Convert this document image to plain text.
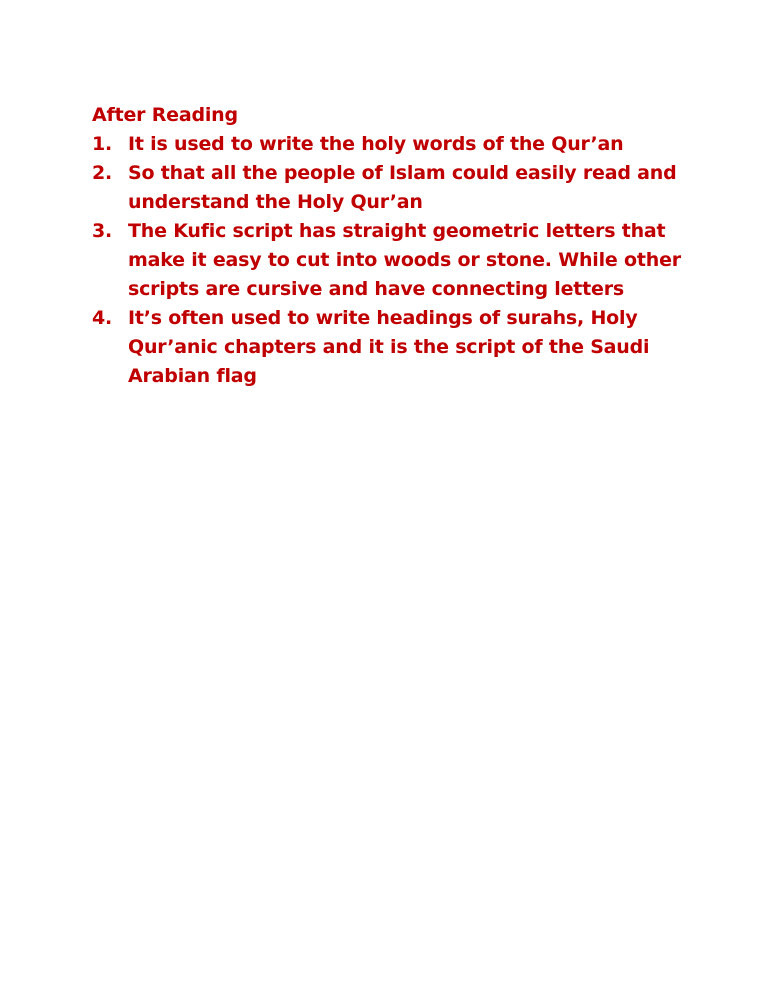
After Reading
1. It is used to write the holy words of the Qur’an
2. So that all the people of Islam could easily read and understand the Holy Qur’an
3. The Kufic script has straight geometric letters that make it easy to cut into woods or stone. While other scripts are cursive and have connecting letters
4. It’s often used to write headings of surahs, Holy Qur’anic chapters and it is the script of the Saudi Arabian flag
